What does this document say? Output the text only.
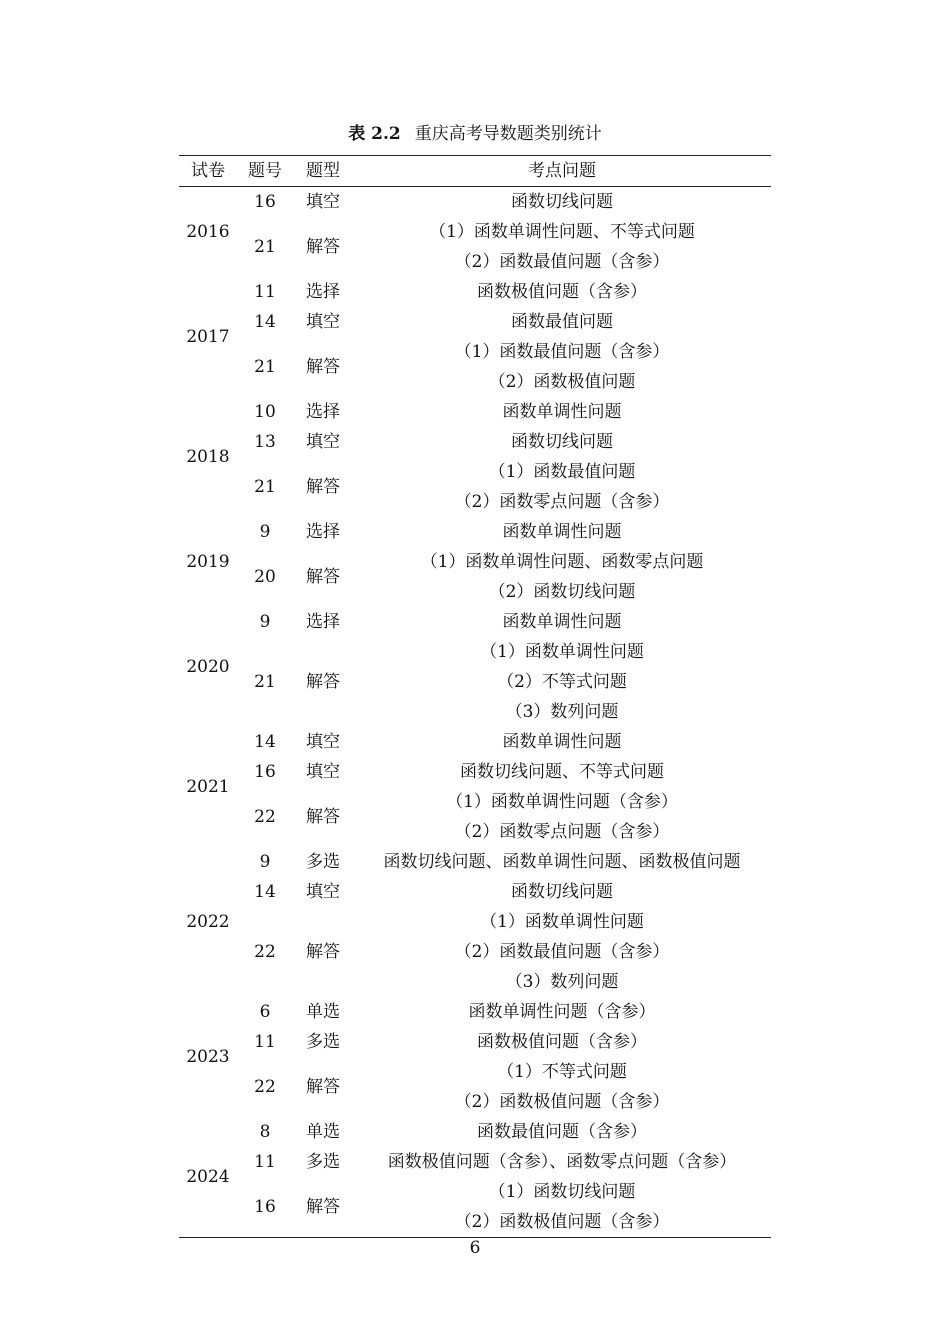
表 2.2 重庆高考导数题类别统计
试卷	题号	题型	考点问题
2016	16	填空	函数切线问题
	21	解答	（1）函数单调性问题、不等式问题
			（2）函数最值问题（含参）
2017	11	选择	函数极值问题（含参）
	14	填空	函数最值问题
	21	解答	（1）函数最值问题（含参）
			（2）函数极值问题
2018	10	选择	函数单调性问题
	13	填空	函数切线问题
	21	解答	（1）函数最值问题
			（2）函数零点问题（含参）
2019	9	选择	函数单调性问题
	20	解答	（1）函数单调性问题、函数零点问题
			（2）函数切线问题
2020	9	选择	函数单调性问题
	21	解答	（1）函数单调性问题
			（2）不等式问题
			（3）数列问题
2021	14	填空	函数单调性问题
	16	填空	函数切线问题、不等式问题
	22	解答	（1）函数单调性问题（含参）
			（2）函数零点问题（含参）
2022	9	多选	函数切线问题、函数单调性问题、函数极值问题
	14	填空	函数切线问题
	22	解答	（1）函数单调性问题
			（2）函数最值问题（含参）
			（3）数列问题
2023	6	单选	函数单调性问题（含参）
	11	多选	函数极值问题（含参）
	22	解答	（1）不等式问题
			（2）函数极值问题（含参）
2024	8	单选	函数最值问题（含参）
	11	多选	函数极值问题（含参）、函数零点问题（含参）
	16	解答	（1）函数切线问题
			（2）函数极值问题（含参）
6
